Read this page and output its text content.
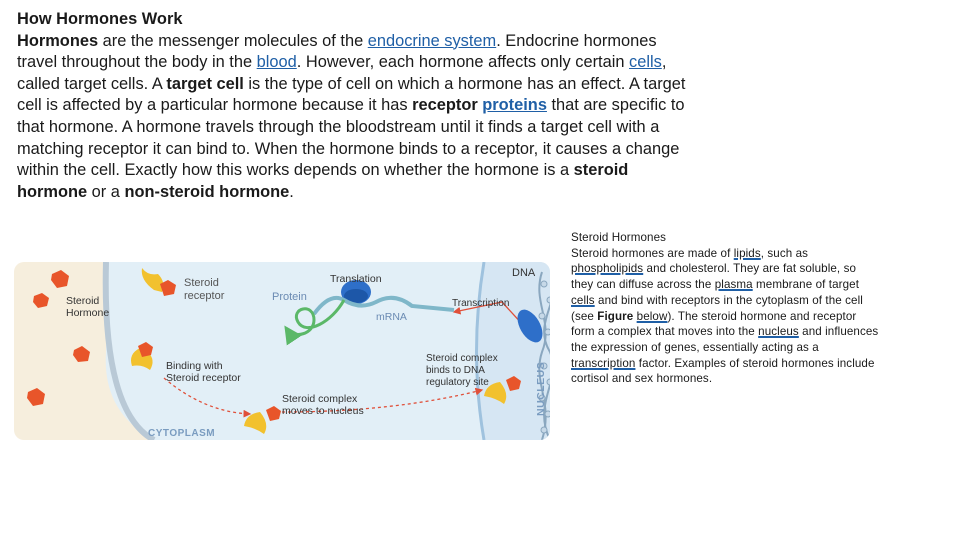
How Hormones Work
Hormones are the messenger molecules of the endocrine system. Endocrine hormones travel throughout the body in the blood. However, each hormone affects only certain cells, called target cells. A target cell is the type of cell on which a hormone has an effect. A target cell is affected by a particular hormone because it has receptor proteins that are specific to that hormone. A hormone travels through the bloodstream until it finds a target cell with a matching receptor it can bind to. When the hormone binds to a receptor, it causes a change within the cell. Exactly how this works depends on whether the hormone is a steroid hormone or a non-steroid hormone.
Steroid Hormone
Steroid receptor	Protein
Translation
mRNA
DNA
Transcription
Binding with Steroid receptor
Steroid complex binds to DNA regulatory site
Steroid complex moves to nucleus
CYTOPLASM
NUCLEUS
Steroid Hormones
Steroid hormones are made of lipids, such as phospholipids and cholesterol. They are fat soluble, so they can diffuse across the plasma membrane of target cells and bind with receptors in the cytoplasm of the cell (see Figure below). The steroid hormone and receptor form a complex that moves into the nucleus and influences the expression of genes, essentially acting as a transcription factor. Examples of steroid hormones include cortisol and sex hormones.
